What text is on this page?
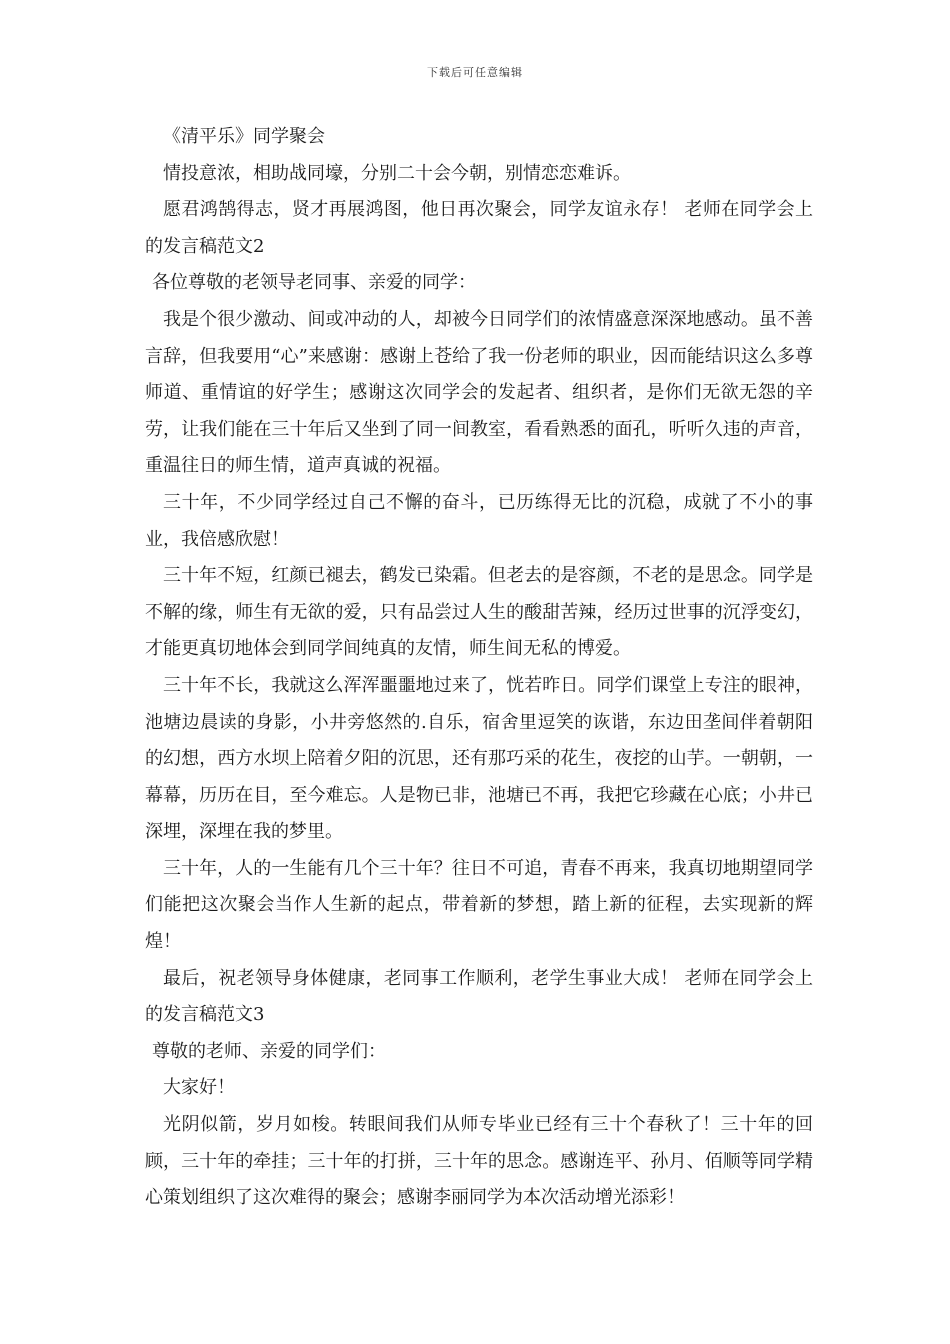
下载后可任意编辑

《清平乐》同学聚会

情投意浓，相助战同壕，分别二十会今朝，别情恋恋难诉。

愿君鸿鹄得志，贤才再展鸿图，他日再次聚会，同学友谊永存！ 老师在同学会上的发言稿范文2

各位尊敬的老领导老同事、亲爱的同学：

我是个很少激动、间或冲动的人，却被今日同学们的浓情盛意深深地感动。虽不善言辞，但我要用“心”来感谢：感谢上苍给了我一份老师的职业，因而能结识这么多尊师道、重情谊的好学生；感谢这次同学会的发起者、组织者，是你们无欲无怨的辛劳，让我们能在三十年后又坐到了同一间教室，看看熟悉的面孔，听听久违的声音，重温往日的师生情，道声真诚的祝福。

三十年，不少同学经过自己不懈的奋斗，已历练得无比的沉稳，成就了不小的事业，我倍感欣慰！

三十年不短，红颜已褪去，鹤发已染霜。但老去的是容颜，不老的是思念。同学是不解的缘，师生有无欲的爱，只有品尝过人生的酸甜苦辣，经历过世事的沉浮变幻，才能更真切地体会到同学间纯真的友情，师生间无私的博爱。

三十年不长，我就这么浑浑噩噩地过来了，恍若昨日。同学们课堂上专注的眼神，池塘边晨读的身影，小井旁悠然的.自乐，宿舍里逗笑的诙谐，东边田垄间伴着朝阳的幻想，西方水坝上陪着夕阳的沉思，还有那巧采的花生，夜挖的山芋。一朝朝，一幕幕，历历在目，至今难忘。人是物已非，池塘已不再，我把它珍藏在心底；小井已深埋，深埋在我的梦里。

三十年，人的一生能有几个三十年？往日不可追，青春不再来，我真切地期望同学们能把这次聚会当作人生新的起点，带着新的梦想，踏上新的征程，去实现新的辉煌！

最后，祝老领导身体健康，老同事工作顺利，老学生事业大成！ 老师在同学会上的发言稿范文3

尊敬的老师、亲爱的同学们：

大家好！

光阴似箭，岁月如梭。转眼间我们从师专毕业已经有三十个春秋了！三十年的回顾，三十年的牵挂；三十年的打拼，三十年的思念。感谢连平、孙月、佰顺等同学精心策划组织了这次难得的聚会；感谢李丽同学为本次活动增光添彩！
